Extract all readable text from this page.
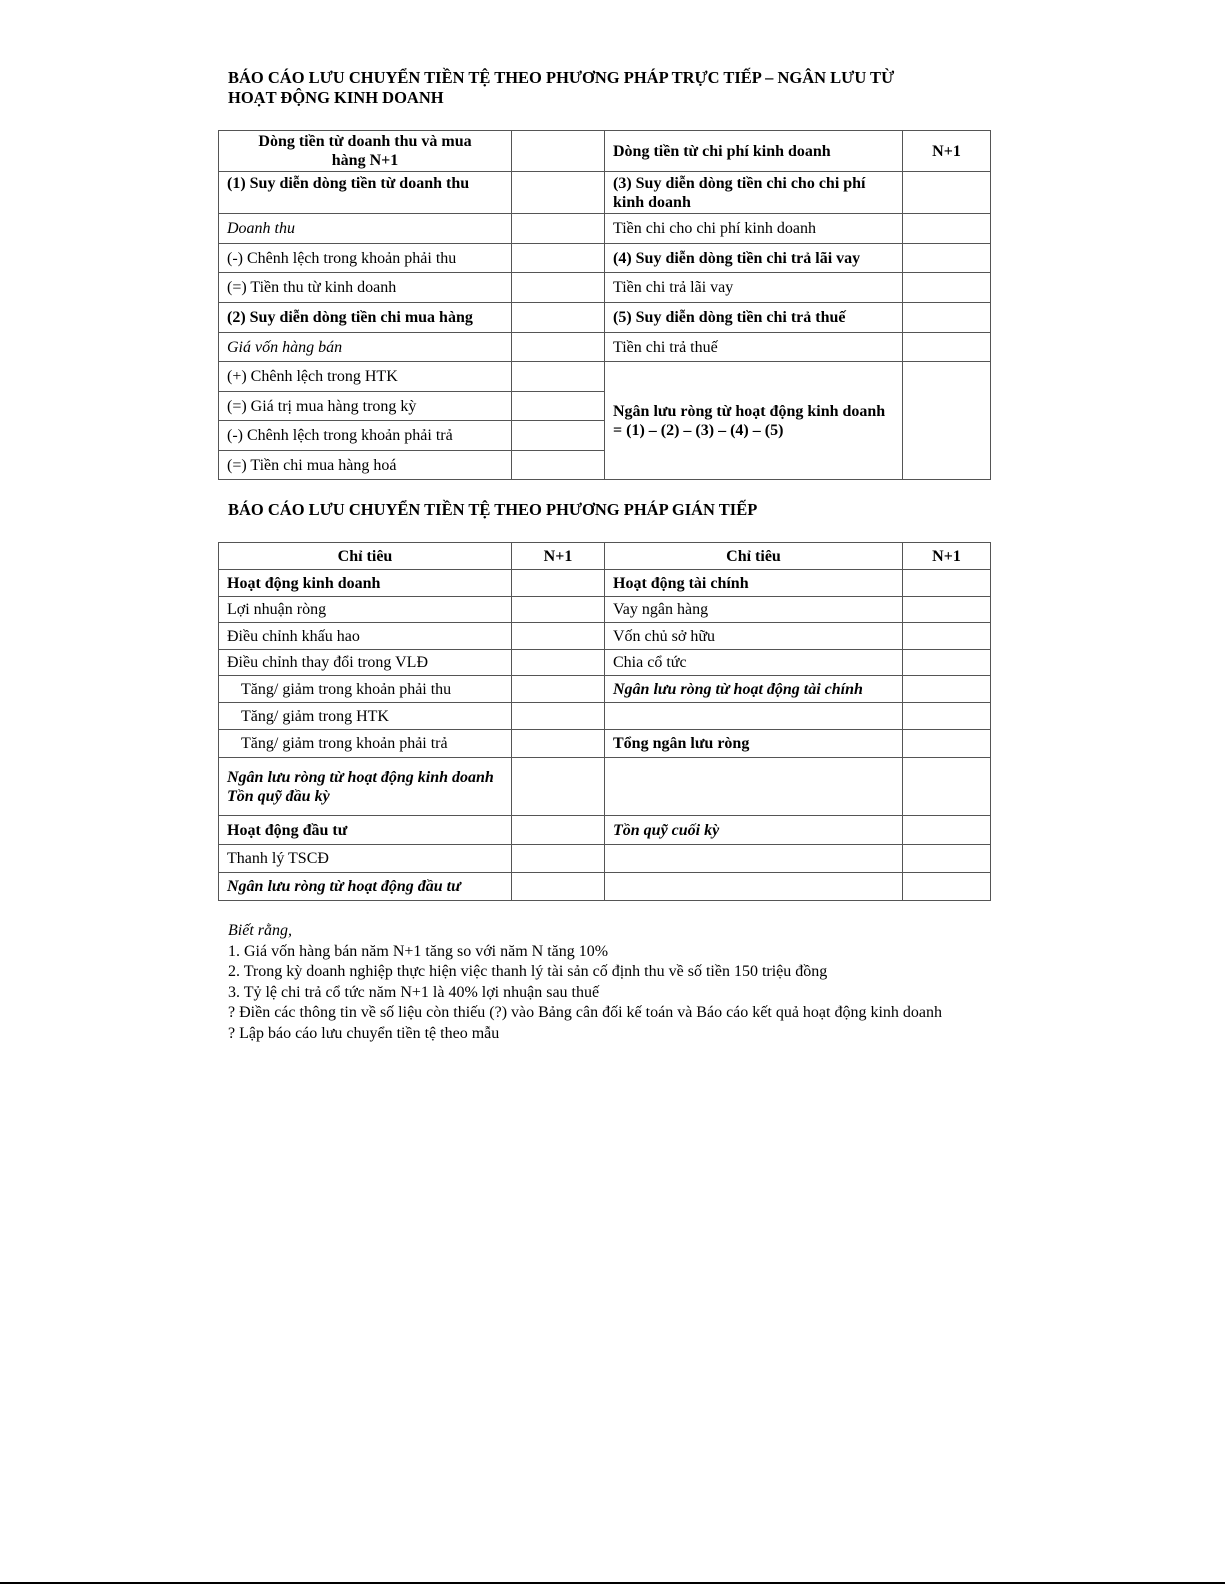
BÁO CÁO LƯU CHUYỂN TIỀN TỆ THEO PHƯƠNG PHÁP TRỰC TIẾP – NGÂN LƯU TỪ
HOẠT ĐỘNG KINH DOANH
Dòng tiền từ doanh thu và mua
hàng N+1		Dòng tiền từ chi phí kinh doanh	N+1
(1) Suy diễn dòng tiền từ doanh thu		(3) Suy diễn dòng tiền chi cho chi phí kinh doanh	
Doanh thu		Tiền chi cho chi phí kinh doanh	
(-) Chênh lệch trong khoản phải thu		(4) Suy diễn dòng tiền chi trả lãi vay	
(=) Tiền thu từ kinh doanh		Tiền chi trả lãi vay	
(2) Suy diễn dòng tiền chi mua hàng		(5) Suy diễn dòng tiền chi trả thuế	
Giá vốn hàng bán		Tiền chi trả thuế	
(+) Chênh lệch trong HTK		Ngân lưu ròng từ hoạt động kinh doanh = (1) – (2) – (3) – (4) – (5)	
(=) Giá trị mua hàng trong kỳ			
(-) Chênh lệch trong khoản phải trả			
(=) Tiền chi mua hàng hoá			
BÁO CÁO LƯU CHUYỂN TIỀN TỆ THEO PHƯƠNG PHÁP GIÁN TIẾP
Chỉ tiêu	N+1	Chỉ tiêu	N+1
Hoạt động kinh doanh		Hoạt động tài chính	
Lợi nhuận ròng		Vay ngân hàng	
Điều chỉnh khấu hao		Vốn chủ sở hữu	
Điều chỉnh thay đổi trong VLĐ		Chia cổ tức	
Tăng/ giảm trong khoản phải thu		Ngân lưu ròng từ hoạt động tài chính	
Tăng/ giảm trong HTK			
Tăng/ giảm trong khoản phải trả		Tổng ngân lưu ròng	

Ngân lưu ròng từ hoạt động kinh doanh
Tồn quỹ đầu kỳ			

Hoạt động đầu tư		Tồn quỹ cuối kỳ	
Thanh lý TSCĐ			
Ngân lưu ròng từ hoạt động đầu tư			
Biết rằng,
1. Giá vốn hàng bán năm N+1 tăng so với năm N tăng 10%
2. Trong kỳ doanh nghiệp thực hiện việc thanh lý tài sản cố định thu về số tiền 150 triệu đồng
3. Tỷ lệ chi trả cổ tức năm N+1 là 40% lợi nhuận sau thuế
? Điền các thông tin về số liệu còn thiếu (?) vào Bảng cân đối kế toán và Báo cáo kết quả hoạt động kinh doanh
? Lập báo cáo lưu chuyển tiền tệ theo mẫu
